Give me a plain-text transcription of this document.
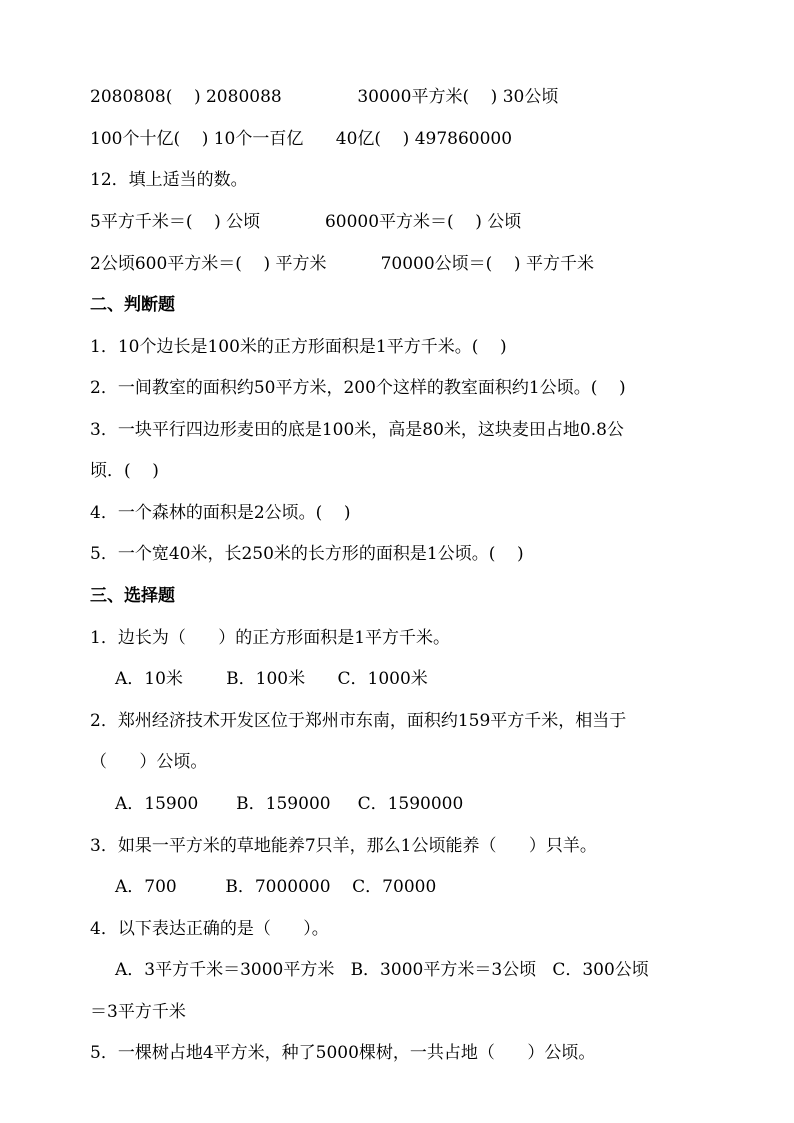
2080808(    ) 2080088              30000平方米(    ) 30公顷
100个十亿(    ) 10个一百亿      40亿(    ) 497860000
12．填上适当的数。
5平方千米＝(    ) 公顷            60000平方米＝(    ) 公顷
2公顷600平方米＝(    ) 平方米          70000公顷＝(    ) 平方千米
二、判断题
1．10个边长是100米的正方形面积是1平方千米。(    )
2．一间教室的面积约50平方米，200个这样的教室面积约1公顷。(    )
3．一块平行四边形麦田的底是100米，高是80米，这块麦田占地0.8公
顷．(    )
4．一个森林的面积是2公顷。(    )
5．一个宽40米，长250米的长方形的面积是1公顷。(    )
三、选择题
1．边长为（      ）的正方形面积是1平方千米。
A．10米        B．100米      C．1000米
2．郑州经济技术开发区位于郑州市东南，面积约159平方千米，相当于
（      ）公顷。
A．15900       B．159000     C．1590000
3．如果一平方米的草地能养7只羊，那么1公顷能养（      ）只羊。
A．700         B．7000000    C．70000
4．以下表达正确的是（      ）。
A．3平方千米＝3000平方米   B．3000平方米＝3公顷   C．300公顷
＝3平方千米
5．一棵树占地4平方米，种了5000棵树，一共占地（      ）公顷。
